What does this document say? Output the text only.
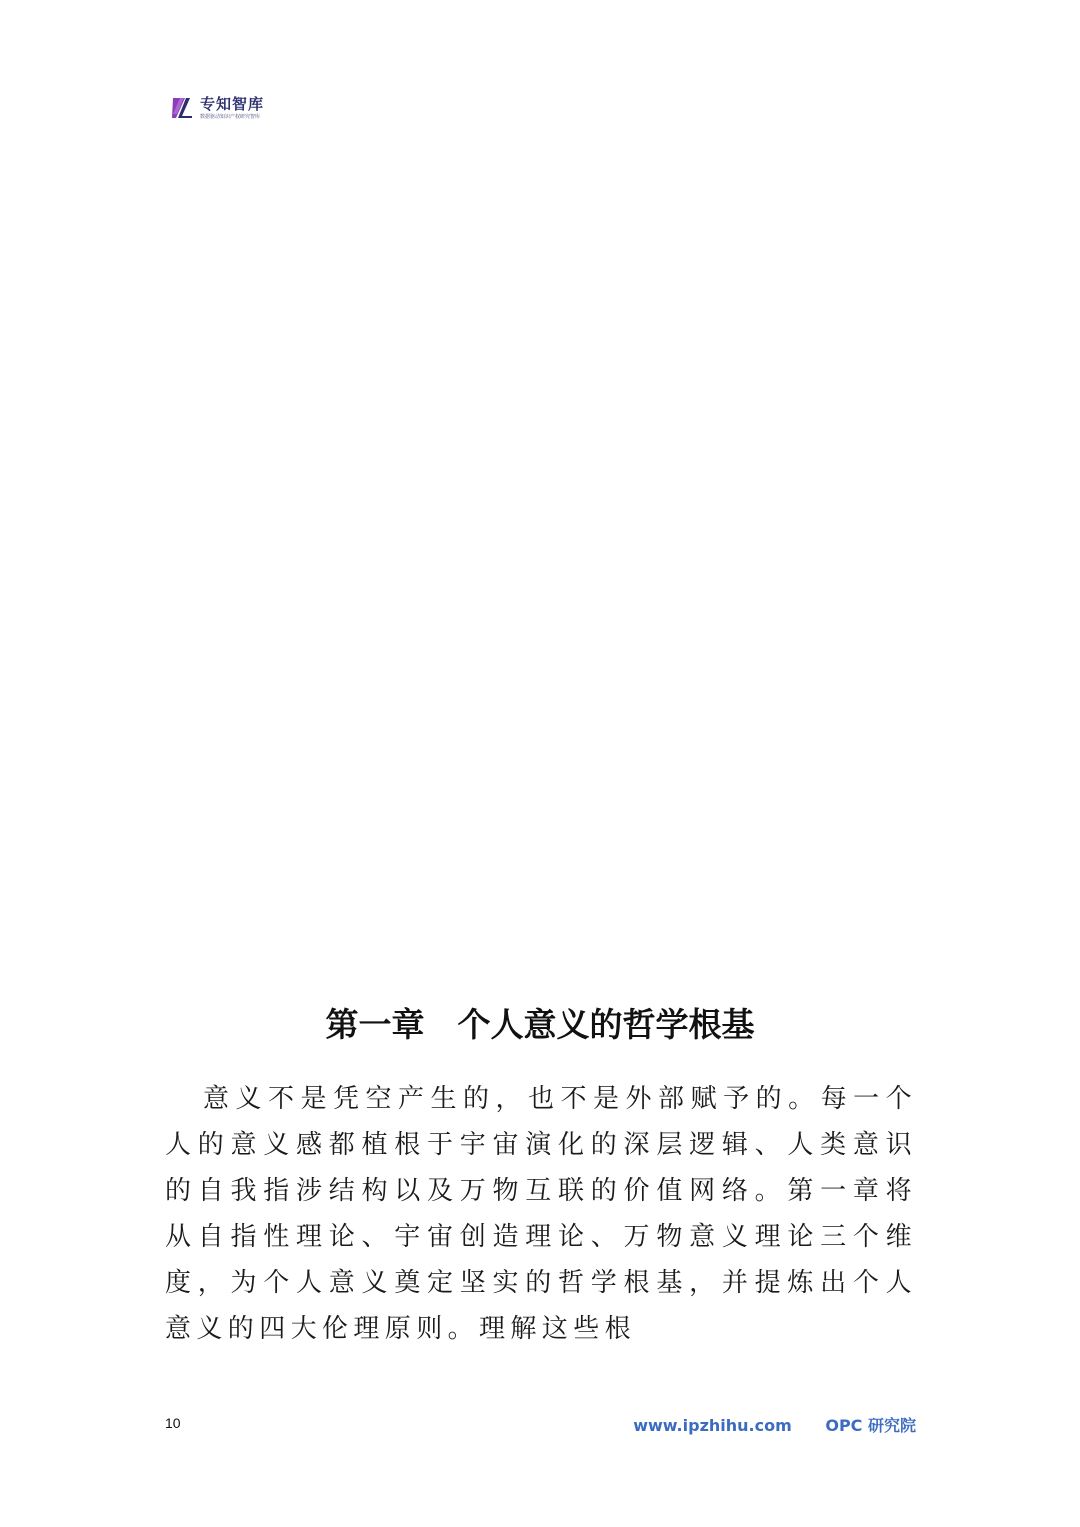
专知智库
数据驱动知识产权研究智库
第一章　个人意义的哲学根基

意义不是凭空产生的，也不是外部赋予的。每一个人的意义感都植根于宇宙演化的深层逻辑、人类意识的自我指涉结构以及万物互联的价值网络。第一章将从自指性理论、宇宙创造理论、万物意义理论三个维度，为个人意义奠定坚实的哲学根基，并提炼出个人意义的四大伦理原则。理解这些根

10	www.ipzhihu.com OPC 研究院
